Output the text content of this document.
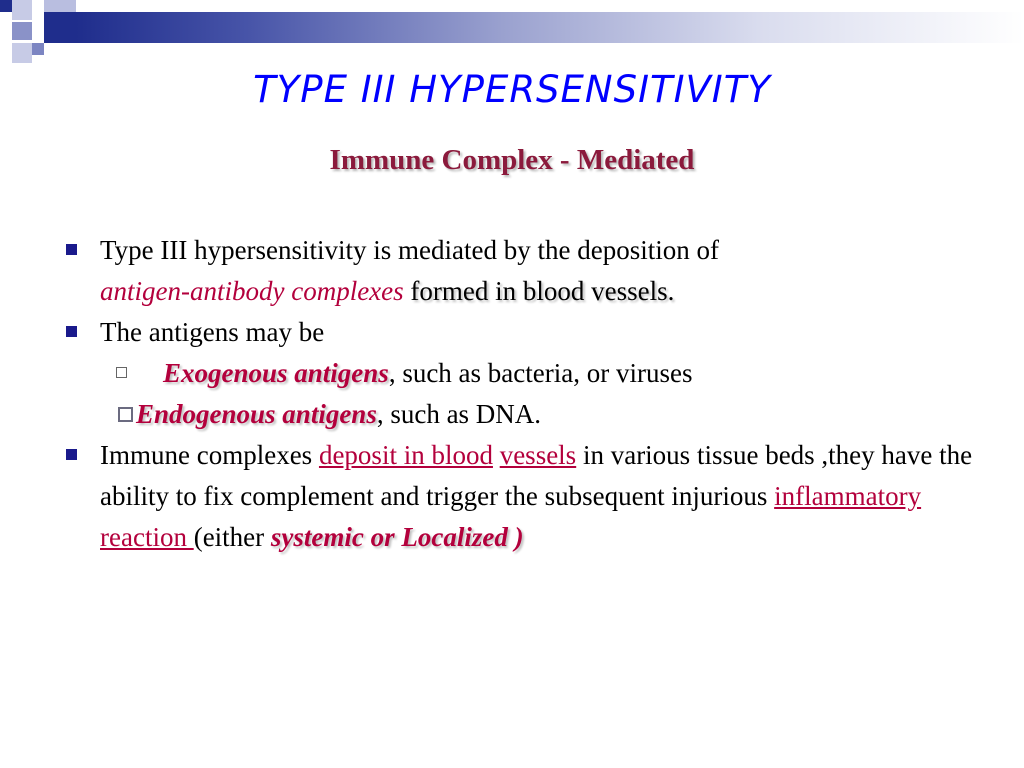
TYPE III HYPERSENSITIVITY
Immune Complex - Mediated

Type III hypersensitivity is mediated by the deposition of
antigen-antibody complexes formed in blood vessels.

The antigens may be

Exogenous antigens, such as bacteria, or viruses

Endogenous antigens, such as DNA.

Immune complexes deposit in blood vessels in various tissue beds ,they have the ability to fix complement and trigger the subsequent injurious inflammatory reaction (either systemic or Localized )
